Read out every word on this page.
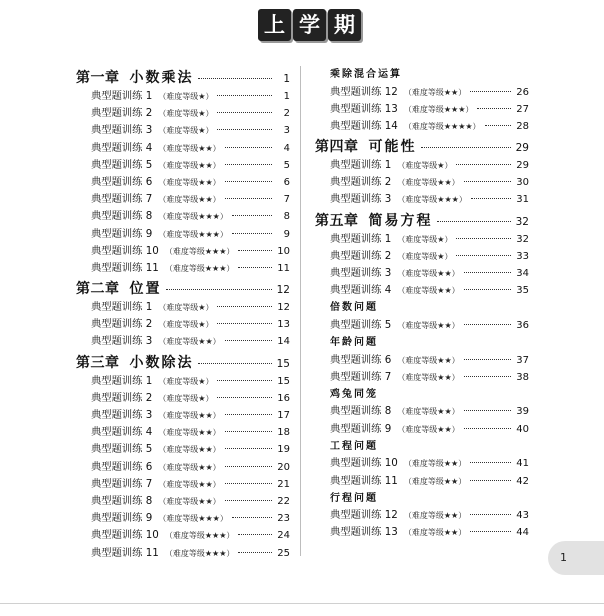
上 学 期
第一章 小数乘法	1
典型题训练 1 （难度等级★）	1
典型题训练 2 （难度等级★）	2
典型题训练 3 （难度等级★）	3
典型题训练 4 （难度等级★★）	4
典型题训练 5 （难度等级★★）	5
典型题训练 6 （难度等级★★）	6
典型题训练 7 （难度等级★★）	7
典型题训练 8 （难度等级★★★）	8
典型题训练 9 （难度等级★★★）	9
典型题训练 10 （难度等级★★★）	10
典型题训练 11 （难度等级★★★）	11
第二章 位置	12
典型题训练 1 （难度等级★）	12
典型题训练 2 （难度等级★）	13
典型题训练 3 （难度等级★★）	14
第三章 小数除法	15
典型题训练 1 （难度等级★）	15
典型题训练 2 （难度等级★）	16
典型题训练 3 （难度等级★★）	17
典型题训练 4 （难度等级★★）	18
典型题训练 5 （难度等级★★）	19
典型题训练 6 （难度等级★★）	20
典型题训练 7 （难度等级★★）	21
典型题训练 8 （难度等级★★）	22
典型题训练 9 （难度等级★★★）	23
典型题训练 10 （难度等级★★★）	24
典型题训练 11 （难度等级★★★）	25
乘除混合运算
典型题训练 12 （难度等级★★）	26
典型题训练 13 （难度等级★★★）	27
典型题训练 14 （难度等级★★★★）	28
第四章 可能性	29
典型题训练 1 （难度等级★）	29
典型题训练 2 （难度等级★★）	30
典型题训练 3 （难度等级★★★）	31
第五章 简易方程	32
典型题训练 1 （难度等级★）	32
典型题训练 2 （难度等级★）	33
典型题训练 3 （难度等级★★）	34
典型题训练 4 （难度等级★★）	35
倍数问题
典型题训练 5 （难度等级★★）	36
年龄问题
典型题训练 6 （难度等级★★）	37
典型题训练 7 （难度等级★★）	38
鸡兔同笼
典型题训练 8 （难度等级★★）	39
典型题训练 9 （难度等级★★）	40
工程问题
典型题训练 10 （难度等级★★）	41
典型题训练 11 （难度等级★★）	42
行程问题
典型题训练 12 （难度等级★★）	43
典型题训练 13 （难度等级★★）	44
1
